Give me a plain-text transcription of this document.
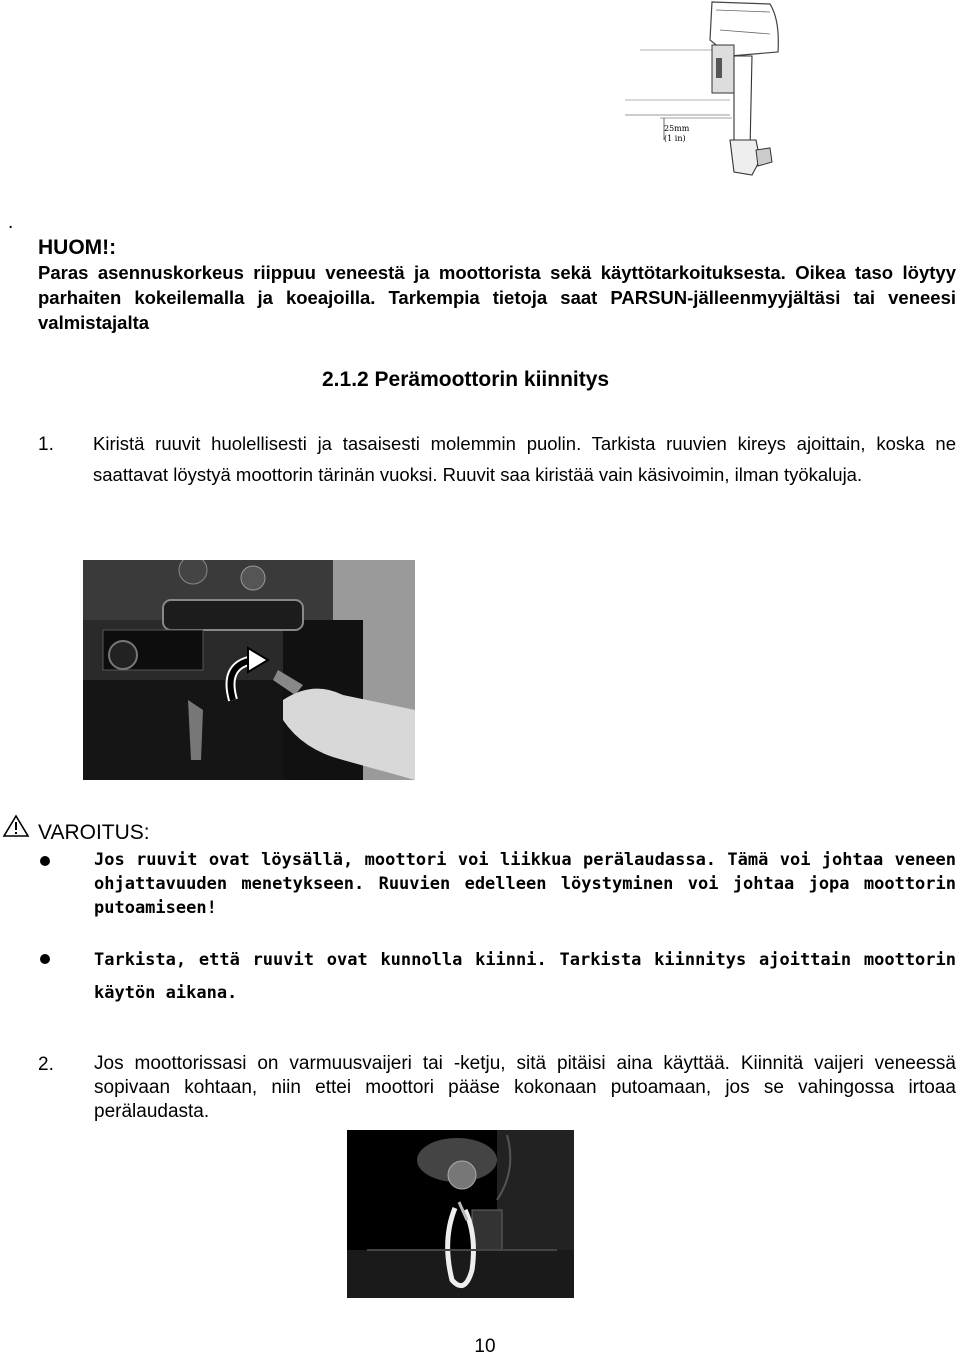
25mm
(1 in)
.
HUOM!:
Paras asennuskorkeus riippuu veneestä ja moottorista sekä käyttötarkoituksesta. Oikea taso löytyy parhaiten kokeilemalla ja koeajoilla. Tarkempia tietoja saat PARSUN-jälleenmyyjältäsi tai veneesi valmistajalta
2.1.2 Perämoottorin kiinnitys
1. Kiristä ruuvit huolellisesti ja tasaisesti molemmin puolin. Tarkista ruuvien kireys ajoittain, koska ne saattavat löystyä moottorin tärinän vuoksi. Ruuvit saa kiristää vain käsivoimin, ilman työkaluja.
VAROITUS:
Jos ruuvit ovat löysällä, moottori voi liikkua perälaudassa. Tämä voi johtaa veneen ohjattavuuden menetykseen. Ruuvien edelleen löystyminen voi johtaa jopa moottorin putoamiseen!
Tarkista, että ruuvit ovat kunnolla kiinni. Tarkista kiinnitys ajoittain moottorin käytön aikana.
2. Jos moottorissasi on varmuusvaijeri tai -ketju, sitä pitäisi aina käyttää. Kiinnitä vaijeri veneessä sopivaan kohtaan, niin ettei moottori pääse kokonaan putoamaan, jos se vahingossa irtoaa perälaudasta.
10
